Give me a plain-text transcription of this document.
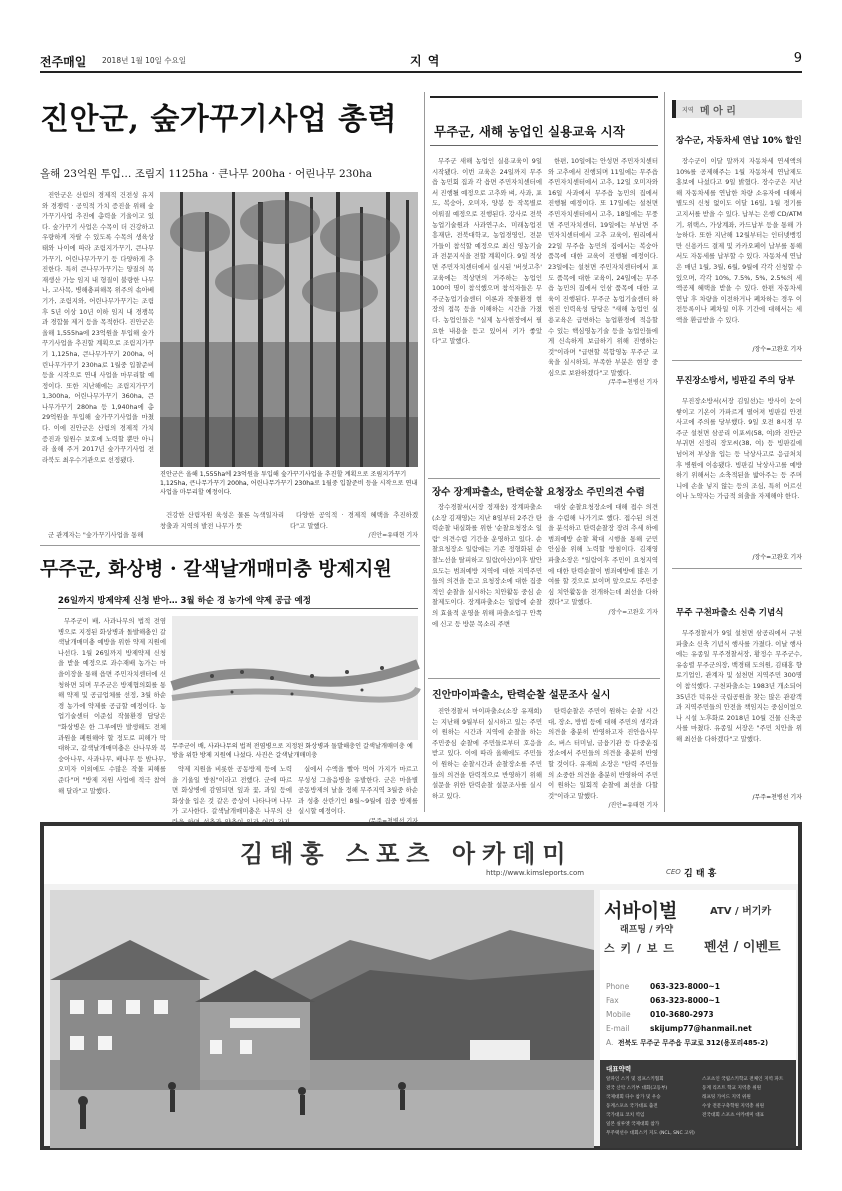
전주매일 2018년 1월 10일 수요일	지 역	9
진안군, 숲가꾸기사업 총력
올해 23억원 투입… 조림지 1125ha · 큰나무 200ha · 어린나무 230ha

진안군은 산림의 경제적 건전성 유지와 경쟁력 · 공익적 가치 증진을 위해 숲가꾸기사업 추진에 총력을 기울이고 있다. 숲가꾸기 사업은 수목이 더 건강하고 우량하게 자랄 수 있도록 수목의 생육상태와 나이에 따라 조림지가꾸기, 큰나무가꾸기, 어린나무가꾸기 등 다양하게 추진한다. 특히 큰나무가꾸기는 양질의 목재생산 가능 임지 내 형질이 불량한 나무나, 고사목, 병해충피해목 위주의 솎아베기가, 조림지와, 어린나무가꾸기는 조림 후 5년 이상 10년 이하 임지 내 경쟁목과 경합물 제거 등을 목적한다. 진안군은 올해 1,555ha에 23억원을 투입해 숲가꾸기사업을 추진할 계획으로 조림지가꾸기 1,125ha, 큰나무가꾸기 200ha, 어린나무가꾸기 230ha로 1월중 입찰준비 등을 시작으로 연내 사업을 마무리할 예정이다. 또한 지난해에는 조림지가꾸기 1,300ha, 어린나무가꾸기 360ha, 큰나무가꾸기 280ha 등 1,940ha에 총 29억원을 투입해 숲가꾸기사업을 마쳤다. 이에 진안군은 산림의 경제적 가치 증진과 일원수 보호에 노력할 뿐만 아니라 올해 주거 2017년 숲가꾸기사업 전라북도 최우수기관으로 선정됐다.

진안군은 올해 1,555ha에 23억원을 투입해 숲가꾸기사업을 추진할 계획으로 조림지가꾸기 1,125ha, 큰나무가꾸기 200ha, 어린나무가꾸기 230ha로 1월중 입찰준비 등을 시작으로 연내 사업을 마무리할 예정이다.

군 관계자는 "숲가꾸기사업을 통해

건강한 산림자원 육성은 물론 녹색일자리 창출과 지역의 발전 나무가 뜻

다양한 공익적 · 경제적 혜택을 추진하겠다"고 말했다.

/진안=유태현 기자
무주군, 화상병 · 갈색날개매미충 방제지원
26일까지 방제약제 신청 받아… 3월 하순 경 농가에 약제 공급 예정

무주군이 배, 사과나무의 법적 전염병으로 지정된 화상병과 돌발해충인 갈색날개매미충 예방을 위한 약제 지원에 나선다. 1월 26일까지 방제약제 신청을 받을 예정으로 과수재배 농가는 마을이장을 통해 읍면 주민자치센터에 신청하면 되며 무주군은 방제협의회를 통해 약제 및 공급업체를 선정, 3월 하순 경 농가에 약제를 공급할 예정이다. 농업기술센터 이준섭 작물환경 담당은 "화상병은 한 그루에만 발생해도 전체 과원을 폐원해야 할 정도로 피해가 막대하고, 갈색날개매미충은 산나무와 복숭아나무, 사과나무, 배나무 등 밤나무, 오미자 이외에도 수많은 작물 피해를 준다"며 "방제 지원 사업에 적극 참여해 달라"고 말했다.

무주군이 배, 사과나무의 법적 전염병으로 지정된 화상병과 돌발해충인 갈색날개매미충 예방을 위한 방제 지원에 나섰다. 사진은 갈색날개매미충

약제 지원을 비롯한 공동방제 등에 노력을 기울일 방침"이라고 전했다. 군에 따르면 화상병에 감염되면 잎과 꽃, 과일 등에 화상을 입은 것 같은 증상이 나타나며 나무가 고사한다. 갈색날개매미충은 나무의 산

실에서 수액을 빨아 먹어 가지가 마르고 무성성 그을음병을 유발한다. 군은 마을별 공동방제의 날을 정해 무주지역 3월중 하순과 성충 산란기인 8월~9월에 집중 방제를 실시할 예정이다.

무주군, 새해 농업인 실용교육 시작

무주군 새해 농업인 실용교육이 9일 시작됐다. 이번 교육은 24일까지 무주읍 농민회 집과 각 읍면 주민자치센터에서 진행될 예정으로 고추와 벼, 사과, 포도, 복숭아, 오미자, 양봉 등 작목별로 이뤄질 예정으로 진행된다. 강사로 전북농업기술원과 사과연구소, 미래농업진흥재단, 전북대학교, 농업경영인, 전문가들이 참석할 예정으로 최신 영농기술과 전문지식을 전할 계획이다. 9일 적상면 주민자치센터에서 실시된 '버섯고추' 교육에는 적상면의 거주하는 농업인 100여 명이 참석했으며 참석자들은 무주군농업기술센터 이론과 작물환경 현장의 접목 등을 이해하는 시간을 가졌다. 농업인들은 "실제 농사현장에서 필요한 내용을 듣고 있어서 키가 좋았다"고 말했다.

한편, 10일에는 안성면 주민자치센터와 고추에서 진행되며 11일에는 무주읍주민자치센터에서 고추, 12일 오미자와 16일 사과에서 무주읍 농민의 집에서 진행될 예정이다. 또 17일에는 설천면 주민자치센터에서 고추, 18일에는 무풍면 주민자치센터, 19일에는 부남면 주민자치센터에서 고추 교육이, 원리에서 22일 무주읍 농민의 집에서는 복숭아 품목에 대한 교육이 진행될 예정이다. 23일에는 설천면 주민자치센터에서 포도 품목에 대한 교육이, 24일에는 무주읍 농민의 집에서 인삼 품목에 대한 교육이 진행된다. 무주군 농업기술센터 하헌진 인력육성 담당은 "새해 농업인 실용교육은 급변하는 농업환경에 적응할 수 있는 핵심영농기술 등을 농업인들에게 신속하게 보급하기 위해 진행하는 것"이라며 "급변할 복합영농 무주군 교육을 실시하되, 부족한 부분은 현장 중심으로 보완하겠다"고 말했다.

/무주=천병선 기자
장수 장계파출소, 탄력순찰 요청장소 주민의견 수렴

장수경찰서(서장 정재웅) 장계파출소(소장 김재영)는 지난 8일부터 2주간 탄력순찰 내실화를 위한 '순찰요청장소 일람' 의견수렴 기간을 운영하고 있다. 순찰요청장소 일람에는 기존 정형화된 순찰노선을 탈피하고 일람(아산)이후 발안요도는 범죄예방 지역에 대한 지역주민들의 의견을 듣고 요청장소에 대한 집중적인 순찰을 실시하는 치안활동 중심 순찰제도이다. 장계파출소는 일람에 순찰의 효율적 운영을 위해 파출소입구 안쪽에 신고 등 방문 목소리 주변

대상 순찰요청장소에 대해 접수 의견을 수렴해 나가기로 했다. 접수된 의견을 분석하고 탄력순찰장 장려 추세 하에 범죄예방 순찰 확대 시행을 통해 군민 안심을 위해 노력할 방침이다. 김재영 파출소장은 "일람이후 주민이 요청지역에 대한 탄력순찰이 범죄예방에 많은 기여를 할 것으로 보이며 앞으로도 주민중심 치안활동을 전개하는데 최선을 다하겠다"고 말했다.

/장수=고완호 기자
진안마이파출소, 탄력순찰 설문조사 실시

진안경찰서 마이파출소(소장 유재희)는 지난해 9월부터 실시하고 있는 주민이 원하는 시간과 지역에 순찰을 하는 주민중심 순찰에 주민들로부터 호응을 받고 있다. 이에 따라 올해에도 주민들이 원하는 순찰시간과 순찰장소를 주민들의 의견을 탄력적으로 반영하기 위해 설문을 위한 탄력순찰 설문조사를 실시하고 있다.

탄력순찰은 주민이 원하는 순찰 시간대, 장소, 방법 등에 대해 주민의 생각과 의견을 충분히 반영하고자 진안읍사무소, 버스 터미널, 금융기관 등 다중운집장소에서 주민들의 의견을 충분히 반영할 것이다. 유재희 소장은 "탄력 주민들의 소중한 의견을 충분히 반영하여 주민이 원하는 일회적 순찰에 최선을 다할 것"이라고 말했다.

/진안=유태현 기자
지역 메 아 리
장수군, 자동차세 연납 10% 할인

장수군이 이달 말까지 자동차세 연세액의 10%를 공제해주는 1월 자동차세 연납제도 홍보에 나섰다고 9일 밝혔다. 장수군은 지난해 자동차세를 연납한 차량 소유자에 대해서 별도의 신청 없이도 이달 16일, 1월 정기를 고지서를 받을 수 있다. 납부는 은행 CD/ATM기, 위택스, 가상계좌, 카드납부 등을 통해 가능하다. 또한 지난해 12월부터는 인터넷뱅킹만 신용카드 결제 및 카카오페이 납부를 통해서도 자동세를 납부할 수 있다. 자동차세 연납은 매년 1월, 3월, 6월, 9월에 각각 신청할 수 있으며, 각각 10%, 7.5%, 5%, 2.5%의 세액공제 혜택을 받을 수 있다. 한편 자동차세 연납 후 차량을 이전하거나 폐차하는 경우 이전등록이나 폐차일 이후 기간에 대해서는 세액을 환급받을 수 있다.

/장수=고완호 기자
무진장소방서, 빙판길 주의 당부

무진장소방서(서장 김일선)는 방사이 눈이 쌓이고 기온이 가파르게 떨어져 빙판길 안전사고에 주의를 당부했다. 9일 오전 8시경 무주군 설천면 삼공리 이포씨(58, 여)와 진안군 부귀면 신정리 장모씨(38, 여) 등 빙판길에 넘어져 부상을 입는 등 낙상사고로 응급처치 후 병원에 이송됐다. 빙판길 낙상사고를 예방하기 위해서는 소축적된을 밟아주는 등 주머니에 손을 넣지 않는 등의 조심, 특히 어르신이나 노약자는 가급적 외출을 자제해야 한다.

/장수=고완호 기자
무주 구천파출소 신축 기념식

무주경찰서가 9일 설천면 삼공리에서 구천파출소 신축 기념식 행사를 가졌다. 이날 행사에는 유종일 무주경찰서장, 황정수 무주군수, 유송렬 무주군의장, 백경태 도의원, 김태홍 향토기업인, 관계자 및 설천면 지역주민 300명이 참석했다. 구천파출소는 1983년 개소되어 35년간 덕유산 국립공원을 찾는 많은 관광객과 지역주민들의 안전을 책임지는 중심이었으나 시설 노후화로 2018년 10월 건물 신축공사를 마쳤다. 유종일 서장은 "주민 치안을 위해 최선을 다하겠다"고 말했다.

/무주=천병선 기자
김태홍 스포츠 아카데미
http://www.kimsleports.com	CEO 김 태 홍
서바이벌
래프팅 / 카약
ATV / 버기카
스 키 / 보 드 펜션 / 이벤트
Phone	063-323-8000~1
Fax	063-323-8000~1
Mobile	010-3680-2973
E-mail	skijump77@hanmail.net
A. 전북도 무주군 무주읍 무교로 312(용포리485-2)
대표약력
알파인 스키 및 점프스키협회
전국 산악 스키부 대회(고등부)
국제대회 다수 참가 및 우승
동계스포츠 국가대표 출전
국가대표 코치 역임
일본 실루엣 국제대회 참가
무주택선수 대회스키 지도 (NCL, SNC 고위)
스포츠인 국립스키학교 전체인 지역 파트
동계 리조트 학교 지역총 위원
래프팅 가이드 지역 위원
수상 전문구축학원 지역총 위원
전국대회 스포츠 아카데미 대표
